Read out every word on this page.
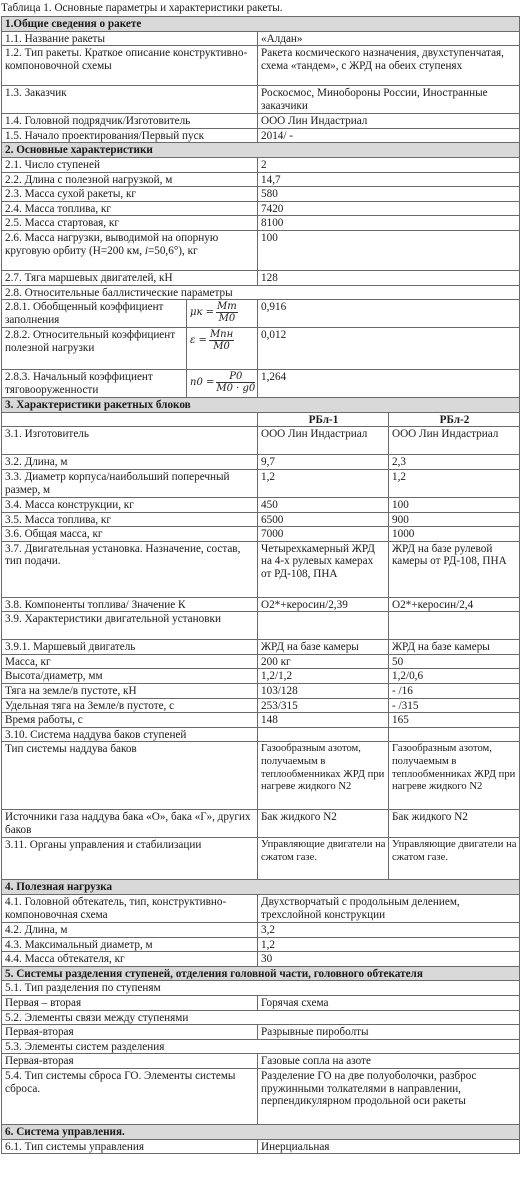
Таблица 1. Основные параметры и характеристики ракеты.
1.Общие сведения о ракете			
1.1. Название ракеты		«Алдан»	
1.2. Тип ракеты. Краткое описание конструктивно-компоновочной схемы		Ракета космического назначения, двухступенчатая, схема «тандем», с ЖРД на обеих ступенях	
1.3. Заказчик		Роскосмос, Минобороны России, Иностранные заказчики	
1.4. Головной подрядчик/Изготовитель		ООО Лин Индастриал	
1.5. Начало проектирования/Первый пуск		2014/ -	
2. Основные характеристики			
2.1. Число ступеней		2	
2.2. Длина с полезной нагрузкой, м		14,7	
2.3. Масса сухой ракеты, кг		580	
2.4. Масса топлива, кг		7420	
2.5. Масса стартовая, кг		8100	
2.6. Масса нагрузки, выводимой на опорную круговую орбиту (Н=200 км, i=50,6°), кг		100	
2.7. Тяга маршевых двигателей, кН		128	
2.8. Относительные баллистические параметры			
2.8.1. Обобщенный коэффициент заполнения	$\mu к = \frac{Мт}{М0}$	0,916	
2.8.2. Относительный коэффициент полезной нагрузки	$\varepsilon = \frac{\text{Мпн}}{М0}$	0,012	
2.8.3. Начальный коэффициент тяговооруженности	$n0 = \frac{P0}{M0 \cdot g0}$	1,264	
3. Характеристики ракетных блоков			
		РБл-1	РБл-2
3.1. Изготовитель		ООО Лин Индастриал	ООО Лин Индастриал
3.2. Длина, м		9,7	2,3
3.3. Диаметр корпуса/наибольший поперечный размер, м		1,2	1,2
3.4. Масса конструкции, кг		450	100
3.5. Масса топлива, кг		6500	900
3.6. Общая масса, кг		7000	1000
3.7. Двигательная установка. Назначение, состав, тип подачи.		Четырехкамерный ЖРД на 4-х рулевых камерах от РД-108, ПНА	ЖРД на базе рулевой камеры от РД-108, ПНА
3.8. Компоненты топлива/ Значение К		О2*+керосин/2,39	О2*+керосин/2,4
3.9. Характеристики двигательной установки			
3.9.1. Маршевый двигатель		ЖРД на базе камеры	ЖРД на базе камеры
Масса, кг		200 кг	50
Высота/диаметр, мм		1,2/1,2	1,2/0,6
Тяга на земле/в пустоте, кН		103/128	- /16
Удельная тяга на Земле/в пустоте, с		253/315	- /315
Время работы, с		148	165
3.10. Система наддува баков ступеней			
Тип системы наддува баков		Газообразным азотом, получаемым в теплообменниках ЖРД при нагреве жидкого N2	Газообразным азотом, получаемым в теплообменниках ЖРД при нагреве жидкого N2
Источники газа наддува бака «О», бака «Г», других баков		Бак жидкого N2	Бак жидкого N2
3.11. Органы управления и стабилизации		Управляющие двигатели на сжатом газе.	Управляющие двигатели на сжатом газе.
4. Полезная нагрузка			
4.1. Головной обтекатель, тип, конструктивно-компоновочная схема		Двухстворчатый с продольным делением, трехслойной конструкции	
4.2. Длина, м		3,2	
4.3. Максимальный диаметр, м		1,2	
4.4. Масса обтекателя, кг		30	
5. Системы разделения ступеней, отделения головной части, головного обтекателя			
5.1. Тип разделения по ступеням			
Первая – вторая		Горячая схема	
5.2. Элементы связи между ступенями			
Первая-вторая		Разрывные пироболты	
5.3. Элементы систем разделения			
Первая-вторая		Газовые сопла на азоте	
5.4. Тип системы сброса ГО. Элементы системы сброса.		Разделение ГО на две полуоболочки, разброс пружинными толкателями в направлении, перпендикулярном продольной оси ракеты	
6. Система управления.			
6.1. Тип системы управления		Инерциальная	
